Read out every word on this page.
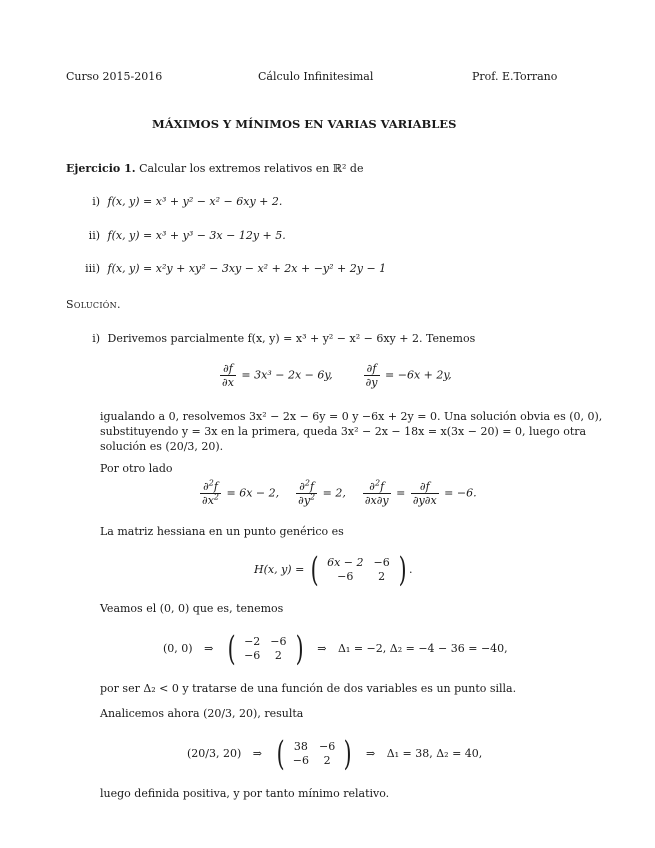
Curso 2015-2016	Cálculo Infinitesimal	Prof. E.Torrano
MÁXIMOS Y MÍNIMOS EN VARIAS VARIABLES
Ejercicio 1. Calcular los extremos relativos en ℝ² de
i) f(x, y) = x³ + y² − x² − 6xy + 2.
ii) f(x, y) = x³ + y³ − 3x − 12y + 5.
iii) f(x, y) = x²y + xy² − 3xy − x² + 2x + −y² + 2y − 1
Solución.
i) Derivemos parcialmente f(x, y) = x³ + y² − x² − 6xy + 2. Tenemos
$\frac{\partial f}{\partial x} = 3x^3 - 2x - 6y$,	$\frac{\partial f}{\partial y} = -6x + 2y$,
igualando a 0, resolvemos 3x² − 2x − 6y = 0 y −6x + 2y = 0. Una solución obvia es (0, 0),
substituyendo y = 3x en la primera, queda 3x² − 2x − 18x = x(3x − 20) = 0, luego otra
solución es (20/3, 20).
Por otro lado
$\frac{\partial^2f}{\partial x^2} = 6x - 2$, $\frac{\partial^2f}{\partial y^2} = 2$, $\frac{\partial^2f}{\partial x\partial y} = \frac{\partial f}{\partial y\partial x} = -6$.
La matriz hessiana en un punto genérico es
H(x, y) = ( 6x − 2	−6
−6	2 ) .
Veamos el (0, 0) que es, tenemos
(0, 0) ⇒ ( −2	−6
−6	2 ) ⇒ Δ₁ = −2, Δ₂ = −4 − 36 = −40,
por ser Δ₂ < 0 y tratarse de una función de dos variables es un punto silla.
Analicemos ahora (20/3, 20), resulta
(20/3, 20) ⇒ ( 38	−6
−6	2 ) ⇒ Δ₁ = 38, Δ₂ = 40,
luego definida positiva, y por tanto mínimo relativo.
